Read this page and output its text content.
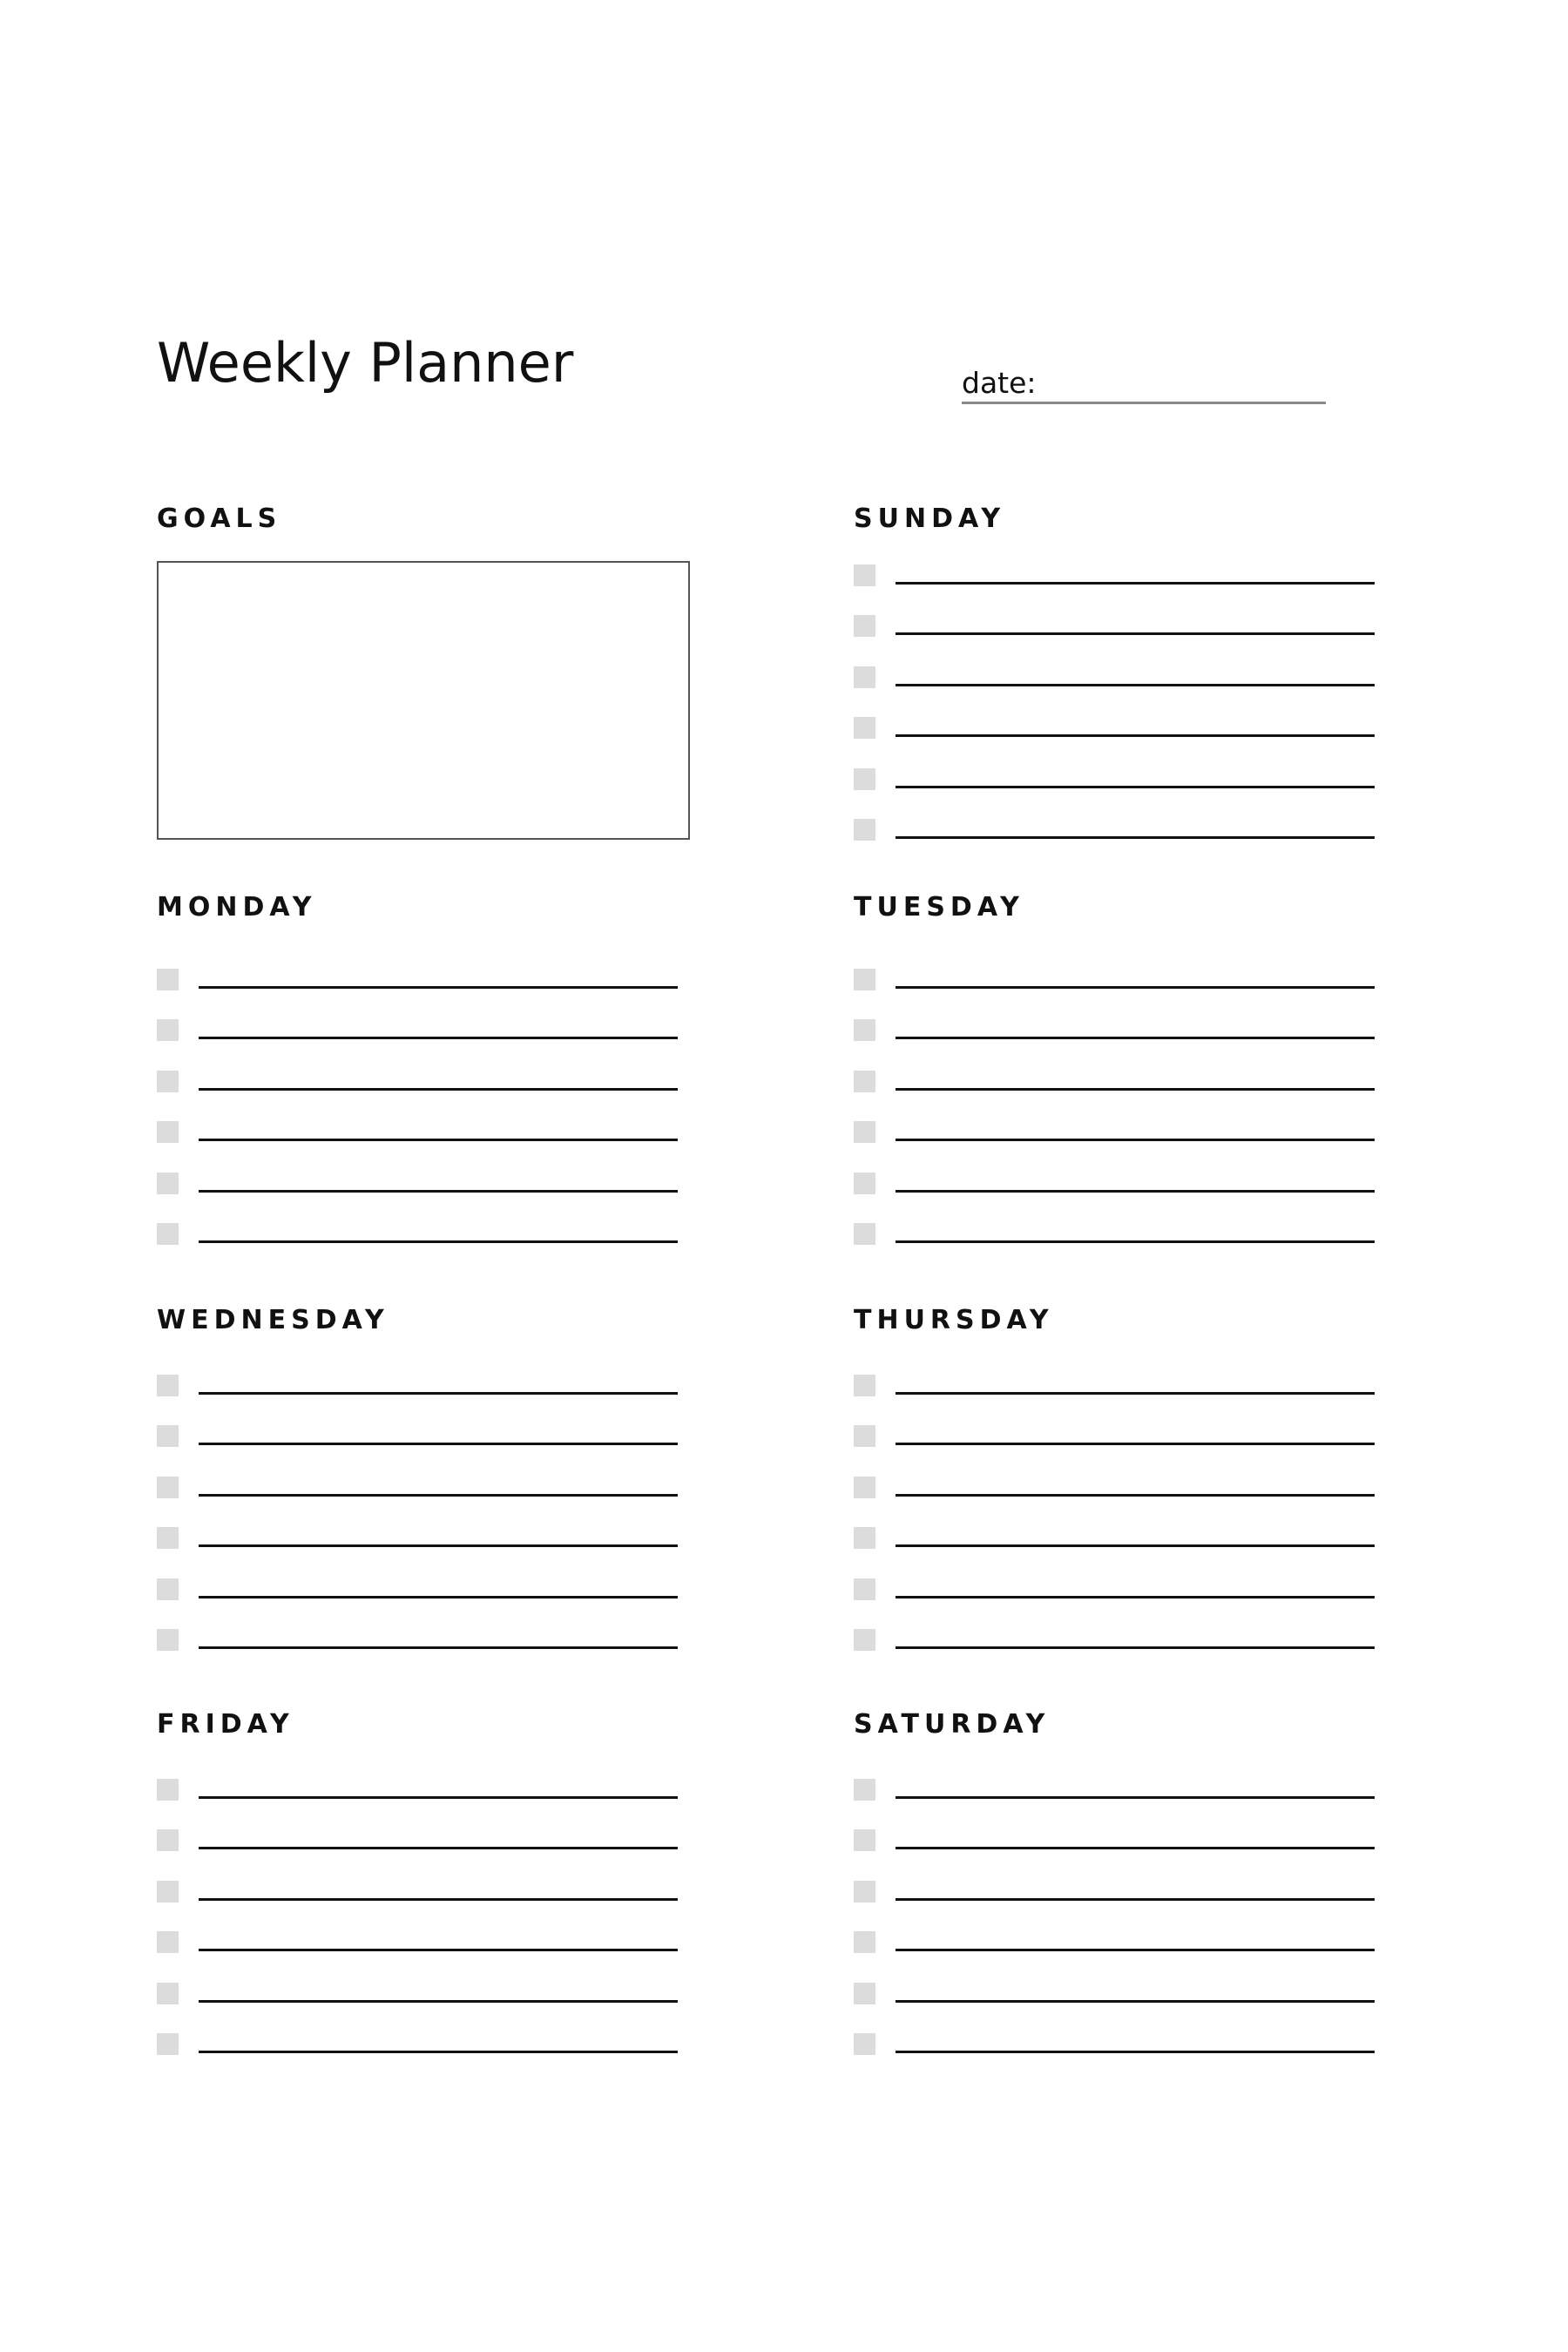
Weekly Planner	date:
GOALS	SUNDAY
MONDAY	TUESDAY
WEDNESDAY	THURSDAY
FRIDAY	SATURDAY
